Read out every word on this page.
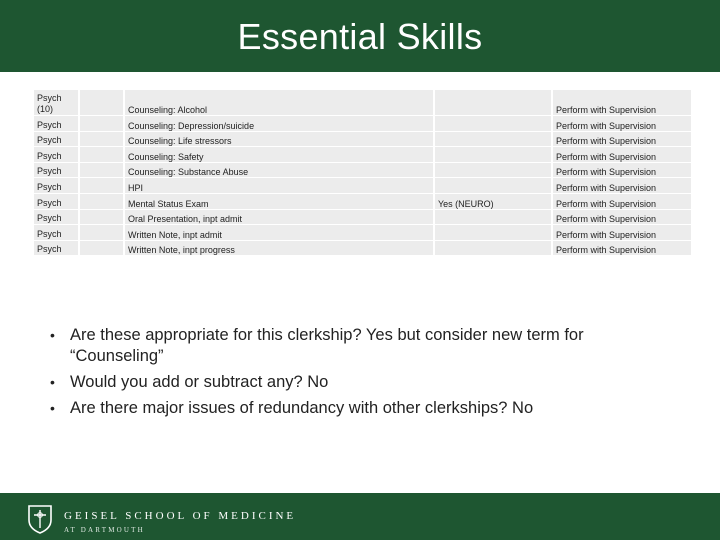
Essential Skills
Psych (10)		Counseling: Alcohol		Perform with Supervision
Psych		Counseling: Depression/suicide		Perform with Supervision
Psych		Counseling: Life stressors		Perform with Supervision
Psych		Counseling: Safety		Perform with Supervision
Psych		Counseling: Substance Abuse		Perform with Supervision
Psych		HPI		Perform with Supervision
Psych		Mental Status Exam	Yes (NEURO)	Perform with Supervision
Psych		Oral Presentation, inpt admit		Perform with Supervision
Psych		Written Note, inpt admit		Perform with Supervision
Psych		Written Note, inpt progress		Perform with Supervision
• Are these appropriate for this clerkship? Yes but consider new term for “Counseling”
• Would you add or subtract any? No
• Are there major issues of redundancy with other clerkships? No
GEISEL SCHOOL OF MEDICINE
AT DARTMOUTH
